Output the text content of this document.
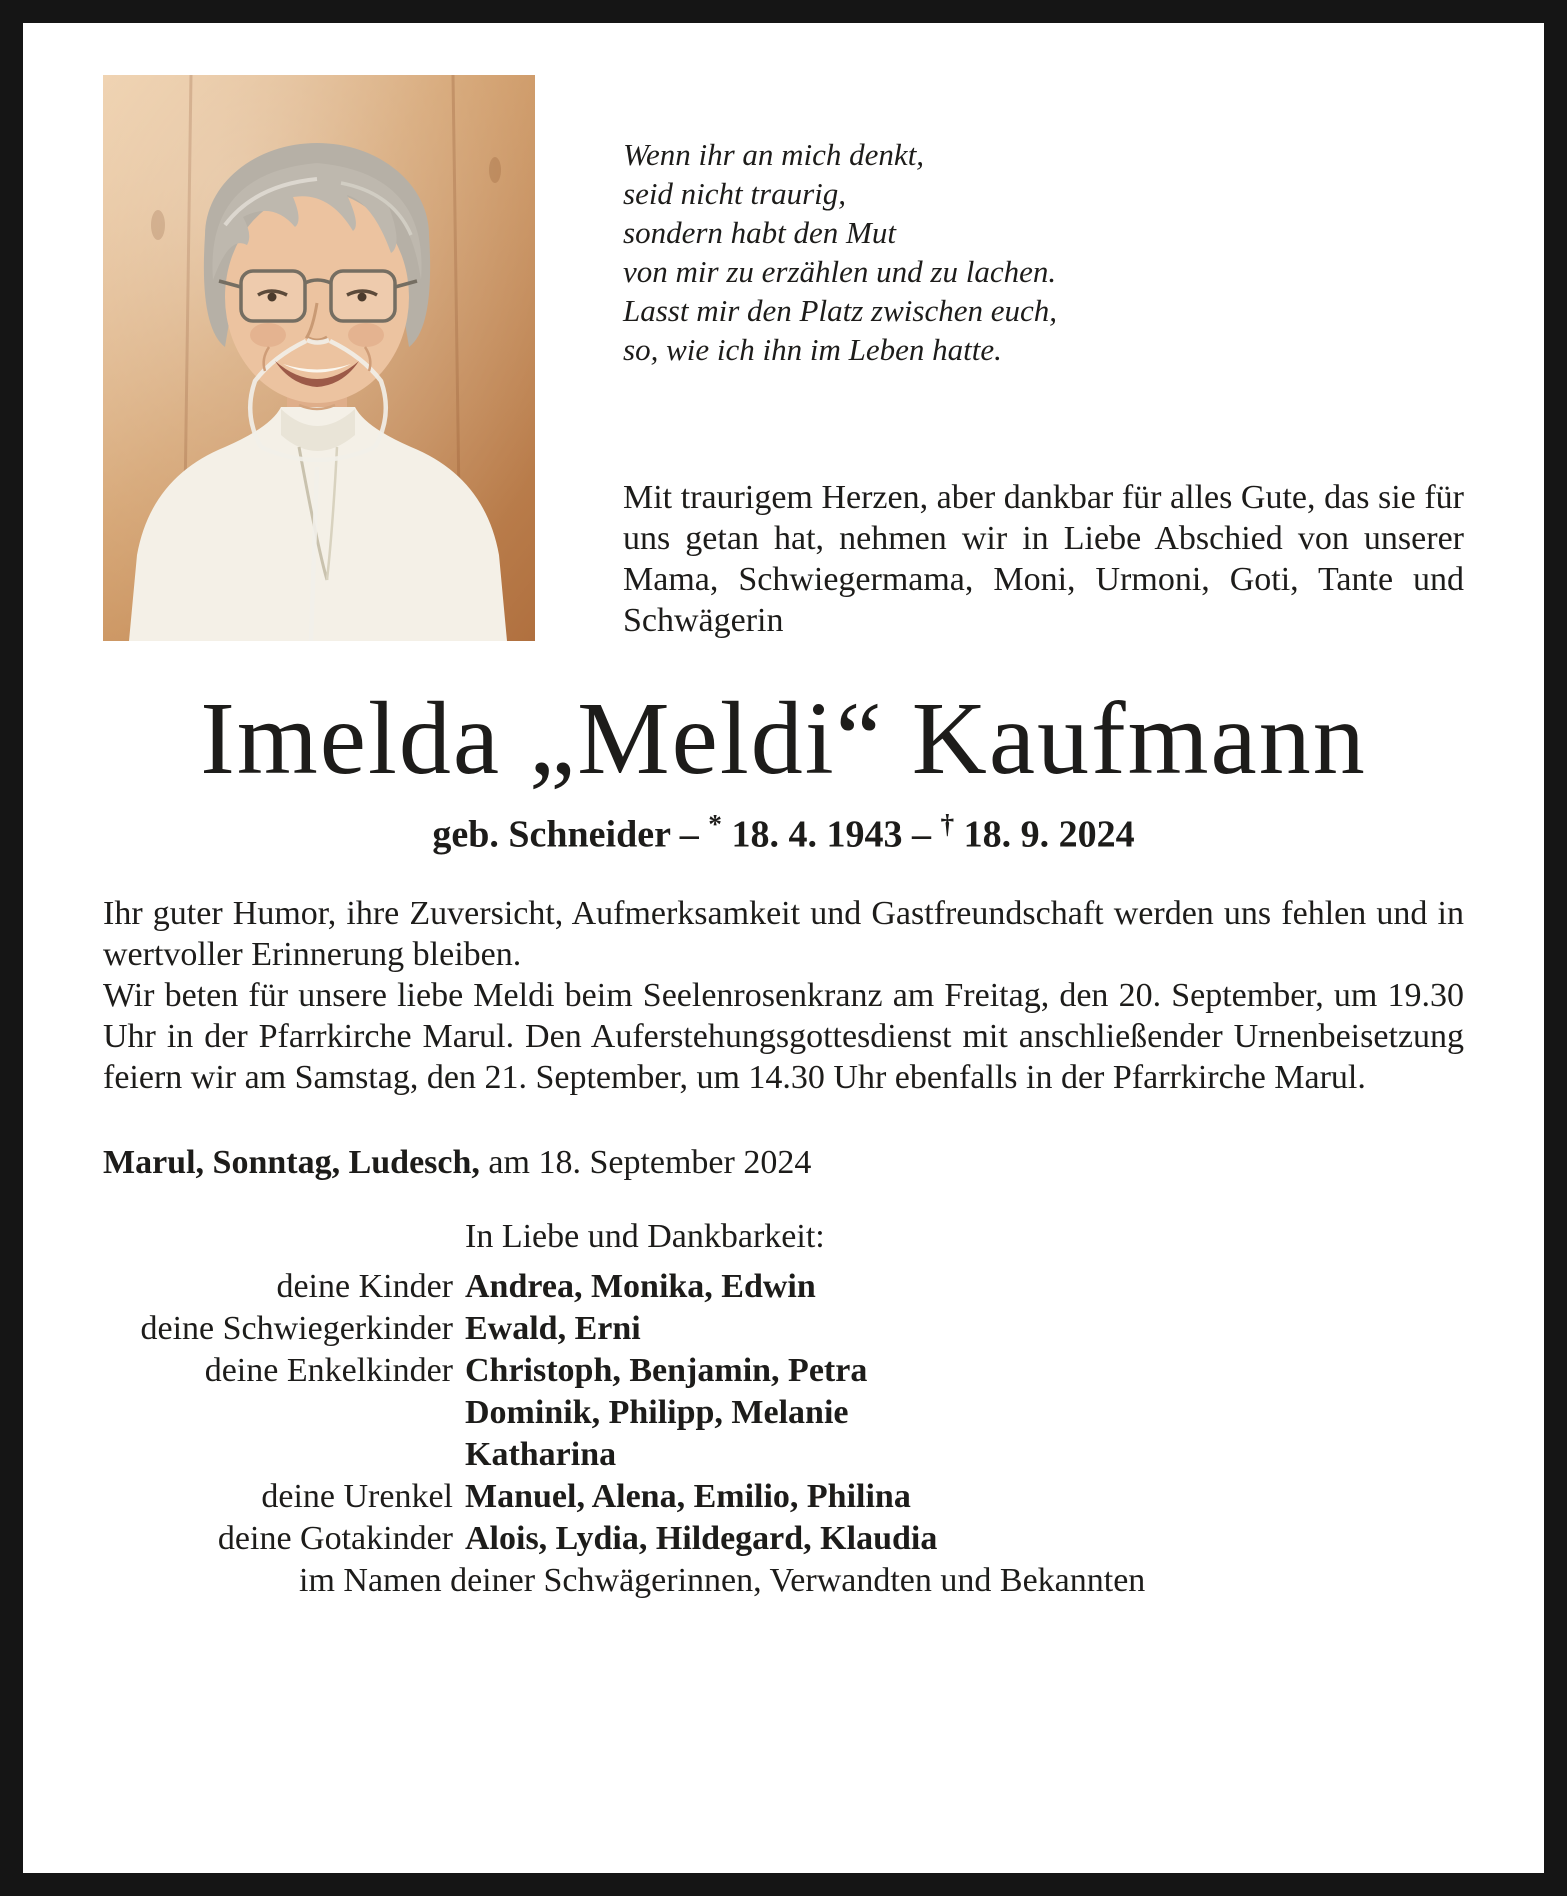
Wenn ihr an mich denkt,
seid nicht traurig,
sondern habt den Mut
von mir zu erzählen und zu lachen.
Lasst mir den Platz zwischen euch,
so, wie ich ihn im Leben hatte.

Mit traurigem Herzen, aber dankbar für alles Gute, das sie für uns getan hat, nehmen wir in Liebe Abschied von unserer Mama, Schwiegermama, Moni, Urmoni, Goti, Tante und Schwägerin

Imelda „Meldi“ Kaufmann
geb. Schneider – * 18. 4. 1943 – † 18. 9. 2024

Ihr guter Humor, ihre Zuversicht, Aufmerksamkeit und Gastfreundschaft werden uns fehlen und in wertvoller Erinnerung bleiben.

Wir beten für unsere liebe Meldi beim Seelenrosenkranz am Freitag, den 20. September, um 19.30 Uhr in der Pfarrkirche Marul. Den Auferstehungsgottesdienst mit anschließender Urnenbeisetzung feiern wir am Samstag, den 21. September, um 14.30 Uhr ebenfalls in der Pfarrkirche Marul.

Marul, Sonntag, Ludesch, am 18. September 2024
In Liebe und Dankbarkeit:
deine Kinder Andrea, Monika, Edwin
deine Schwiegerkinder Ewald, Erni
deine Enkelkinder Christoph, Benjamin, Petra
Dominik, Philipp, Melanie
Katharina
deine Urenkel Manuel, Alena, Emilio, Philina
deine Gotakinder Alois, Lydia, Hildegard, Klaudia
im Namen deiner Schwägerinnen, Verwandten und Bekannten
